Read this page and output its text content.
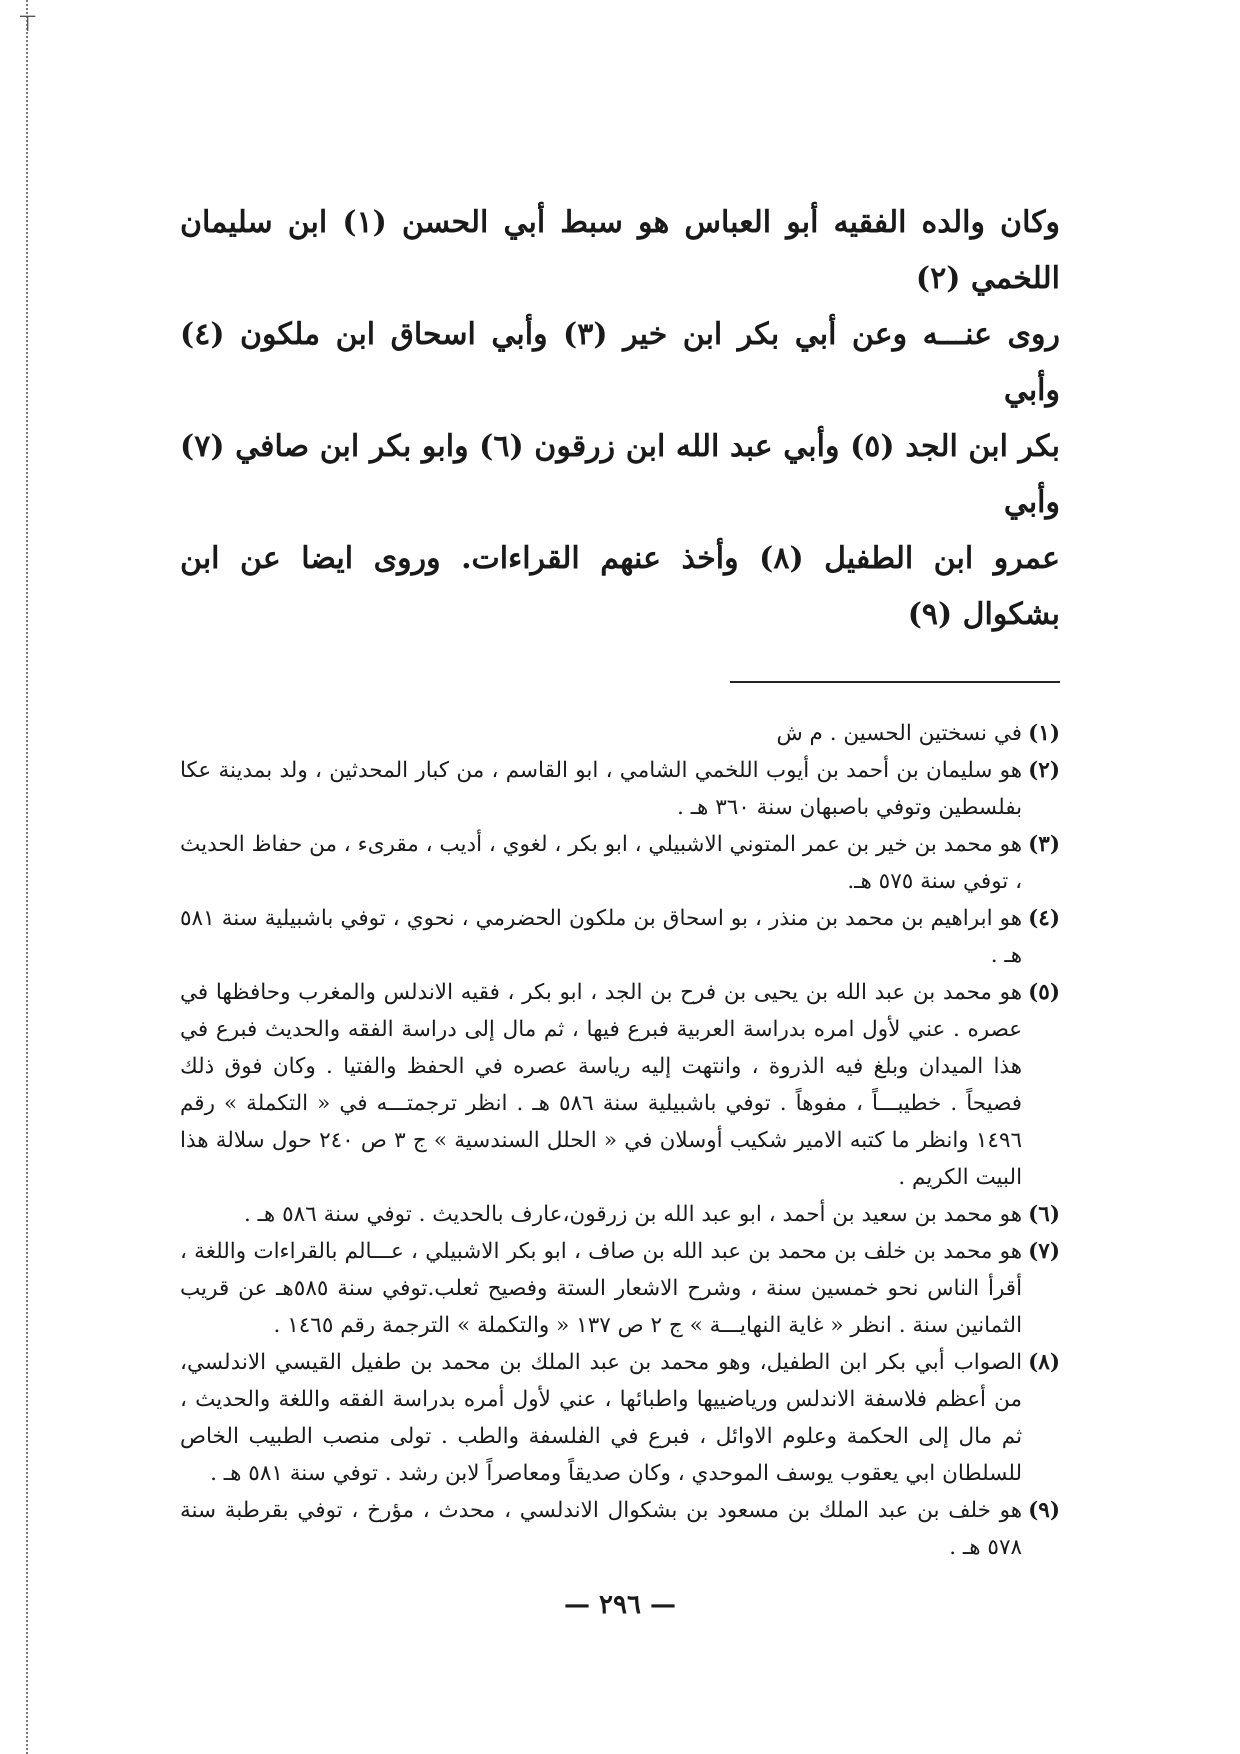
⊤

وكان والده الفقيه أبو العباس هو سبط أبي الحسن (١) ابن سليمان اللخمي (٢)

روى عنـــه وعن أبي بكر ابن خير (٣) وأبي اسحاق ابن ملكون (٤) وأبي

بكر ابن الجد (٥) وأبي عبد الله ابن زرقون (٦) وابو بكر ابن صافي (٧) وأبي

عمرو ابن الطفيل (٨) وأخذ عنهم القراءات. وروى ايضا عن ابن بشكوال (٩)

(١)
في نسختين الحسين . م ش
(٢)
هو سليمان بن أحمد بن أيوب اللخمي الشامي ، ابو القاسم ، من كبار المحدثين ، ولد بمدينة عكا بفلسطين وتوفي باصبهان سنة ٣٦٠ هـ .
(٣)
هو محمد بن خير بن عمر المتوني الاشبيلي ، ابو بكر ، لغوي ، أديب ، مقرىء ، من حفاظ الحديث ، توفي سنة ٥٧٥ هـ.
(٤)
هو ابراهيم بن محمد بن منذر ، بو اسحاق بن ملكون الحضرمي ، نحوي ، توفي باشبيلية سنة ٥٨١ هـ .
(٥)
هو محمد بن عبد الله بن يحيى بن فرح بن الجد ، ابو بكر ، فقيه الاندلس والمغرب وحافظها في عصره . عني لأول امره بدراسة العربية فبرع فيها ، ثم مال إلى دراسة الفقه والحديث فبرع في هذا الميدان وبلغ فيه الذروة ، وانتهت إليه رياسة عصره في الحفظ والفتيا . وكان فوق ذلك فصيحاً . خطيبـــاً ، مفوهاً . توفي باشبيلية سنة ٥٨٦ هـ . انظر ترجمتـــه في « التكملة » رقم ١٤٩٦ وانظر ما كتبه الامير شكيب أوسلان في « الحلل السندسية » ج ٣ ص ٢٤٠ حول سلالة هذا البيت الكريم .
(٦)
هو محمد بن سعيد بن أحمد ، ابو عبد الله بن زرقون،عارف بالحديث . توفي سنة ٥٨٦ هـ .
(٧)
هو محمد بن خلف بن محمد بن عبد الله بن صاف ، ابو بكر الاشبيلي ، عـــالم بالقراءات واللغة ، أقرأ الناس نحو خمسين سنة ، وشرح الاشعار الستة وفصيح ثعلب.توفي سنة ٥٨٥هـ عن قريب الثمانين سنة . انظر « غاية النهايـــة » ج ٢ ص ١٣٧ « والتكملة » الترجمة رقم ١٤٦٥ .
(٨)
الصواب أبي بكر ابن الطفيل، وهو محمد بن عبد الملك بن محمد بن طفيل القيسي الاندلسي، من أعظم فلاسفة الاندلس ورياضييها واطبائها ، عني لأول أمره بدراسة الفقه واللغة والحديث ، ثم مال إلى الحكمة وعلوم الاوائل ، فبرع في الفلسفة والطب . تولى منصب الطبيب الخاص للسلطان ابي يعقوب يوسف الموحدي ، وكان صديقاً ومعاصراً لابن رشد . توفي سنة ٥٨١ هـ .
(٩)
هو خلف بن عبد الملك بن مسعود بن بشكوال الاندلسي ، محدث ، مؤرخ ، توفي بقرطبة سنة ٥٧٨ هـ .
— ٢٩٦ —
